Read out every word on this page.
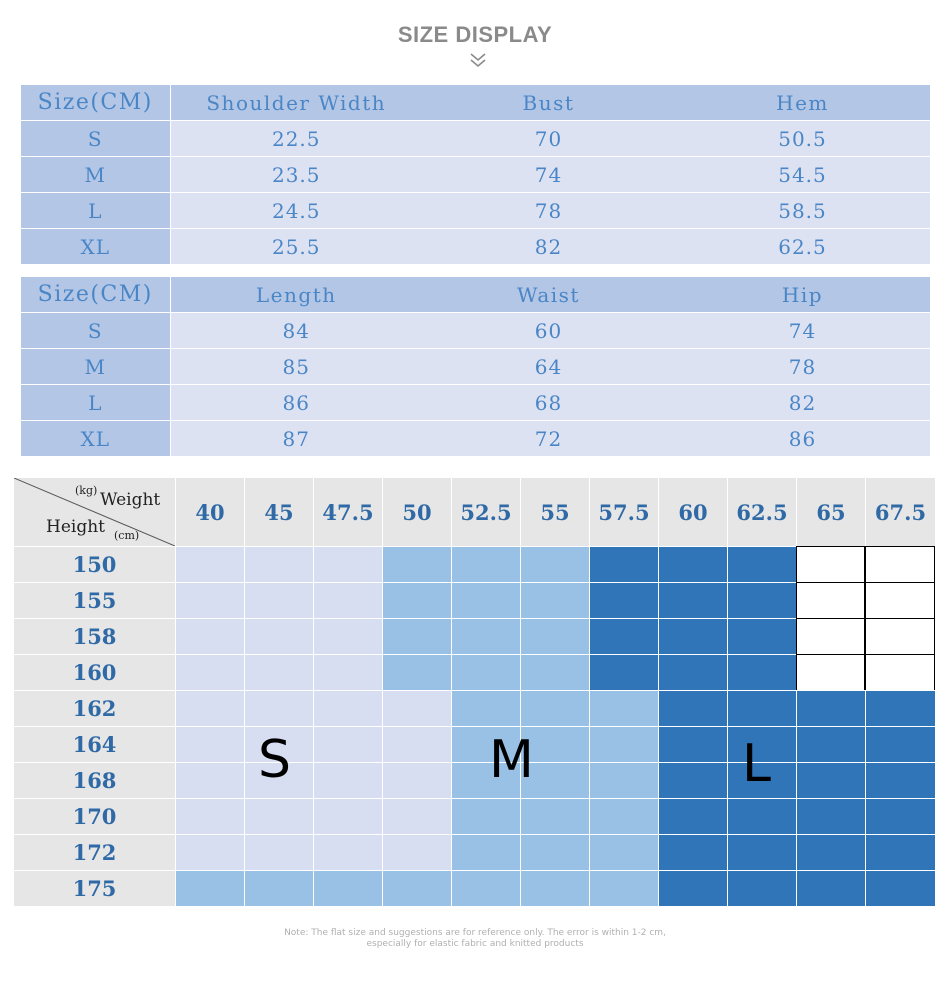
SIZE DISPLAY
Size(CM)	Shoulder Width	Bust	Hem
S	22.5	70	50.5
M	23.5	74	54.5
L	24.5	78	58.5
XL	25.5	82	62.5
Size(CM)	Length	Waist	Hip
S	84	60	74
M	85	64	78
L	86	68	82
XL	87	72	86
(kg) Weight
Height (cm)
40	45	47.5	50	52.5	55	57.5	60	62.5	65	67.5
150
155
158
160
162
164
168
170
172
175
S	M	L
Note: The flat size and suggestions are for reference only. The error is within 1-2 cm,
especially for elastic fabric and knitted products
